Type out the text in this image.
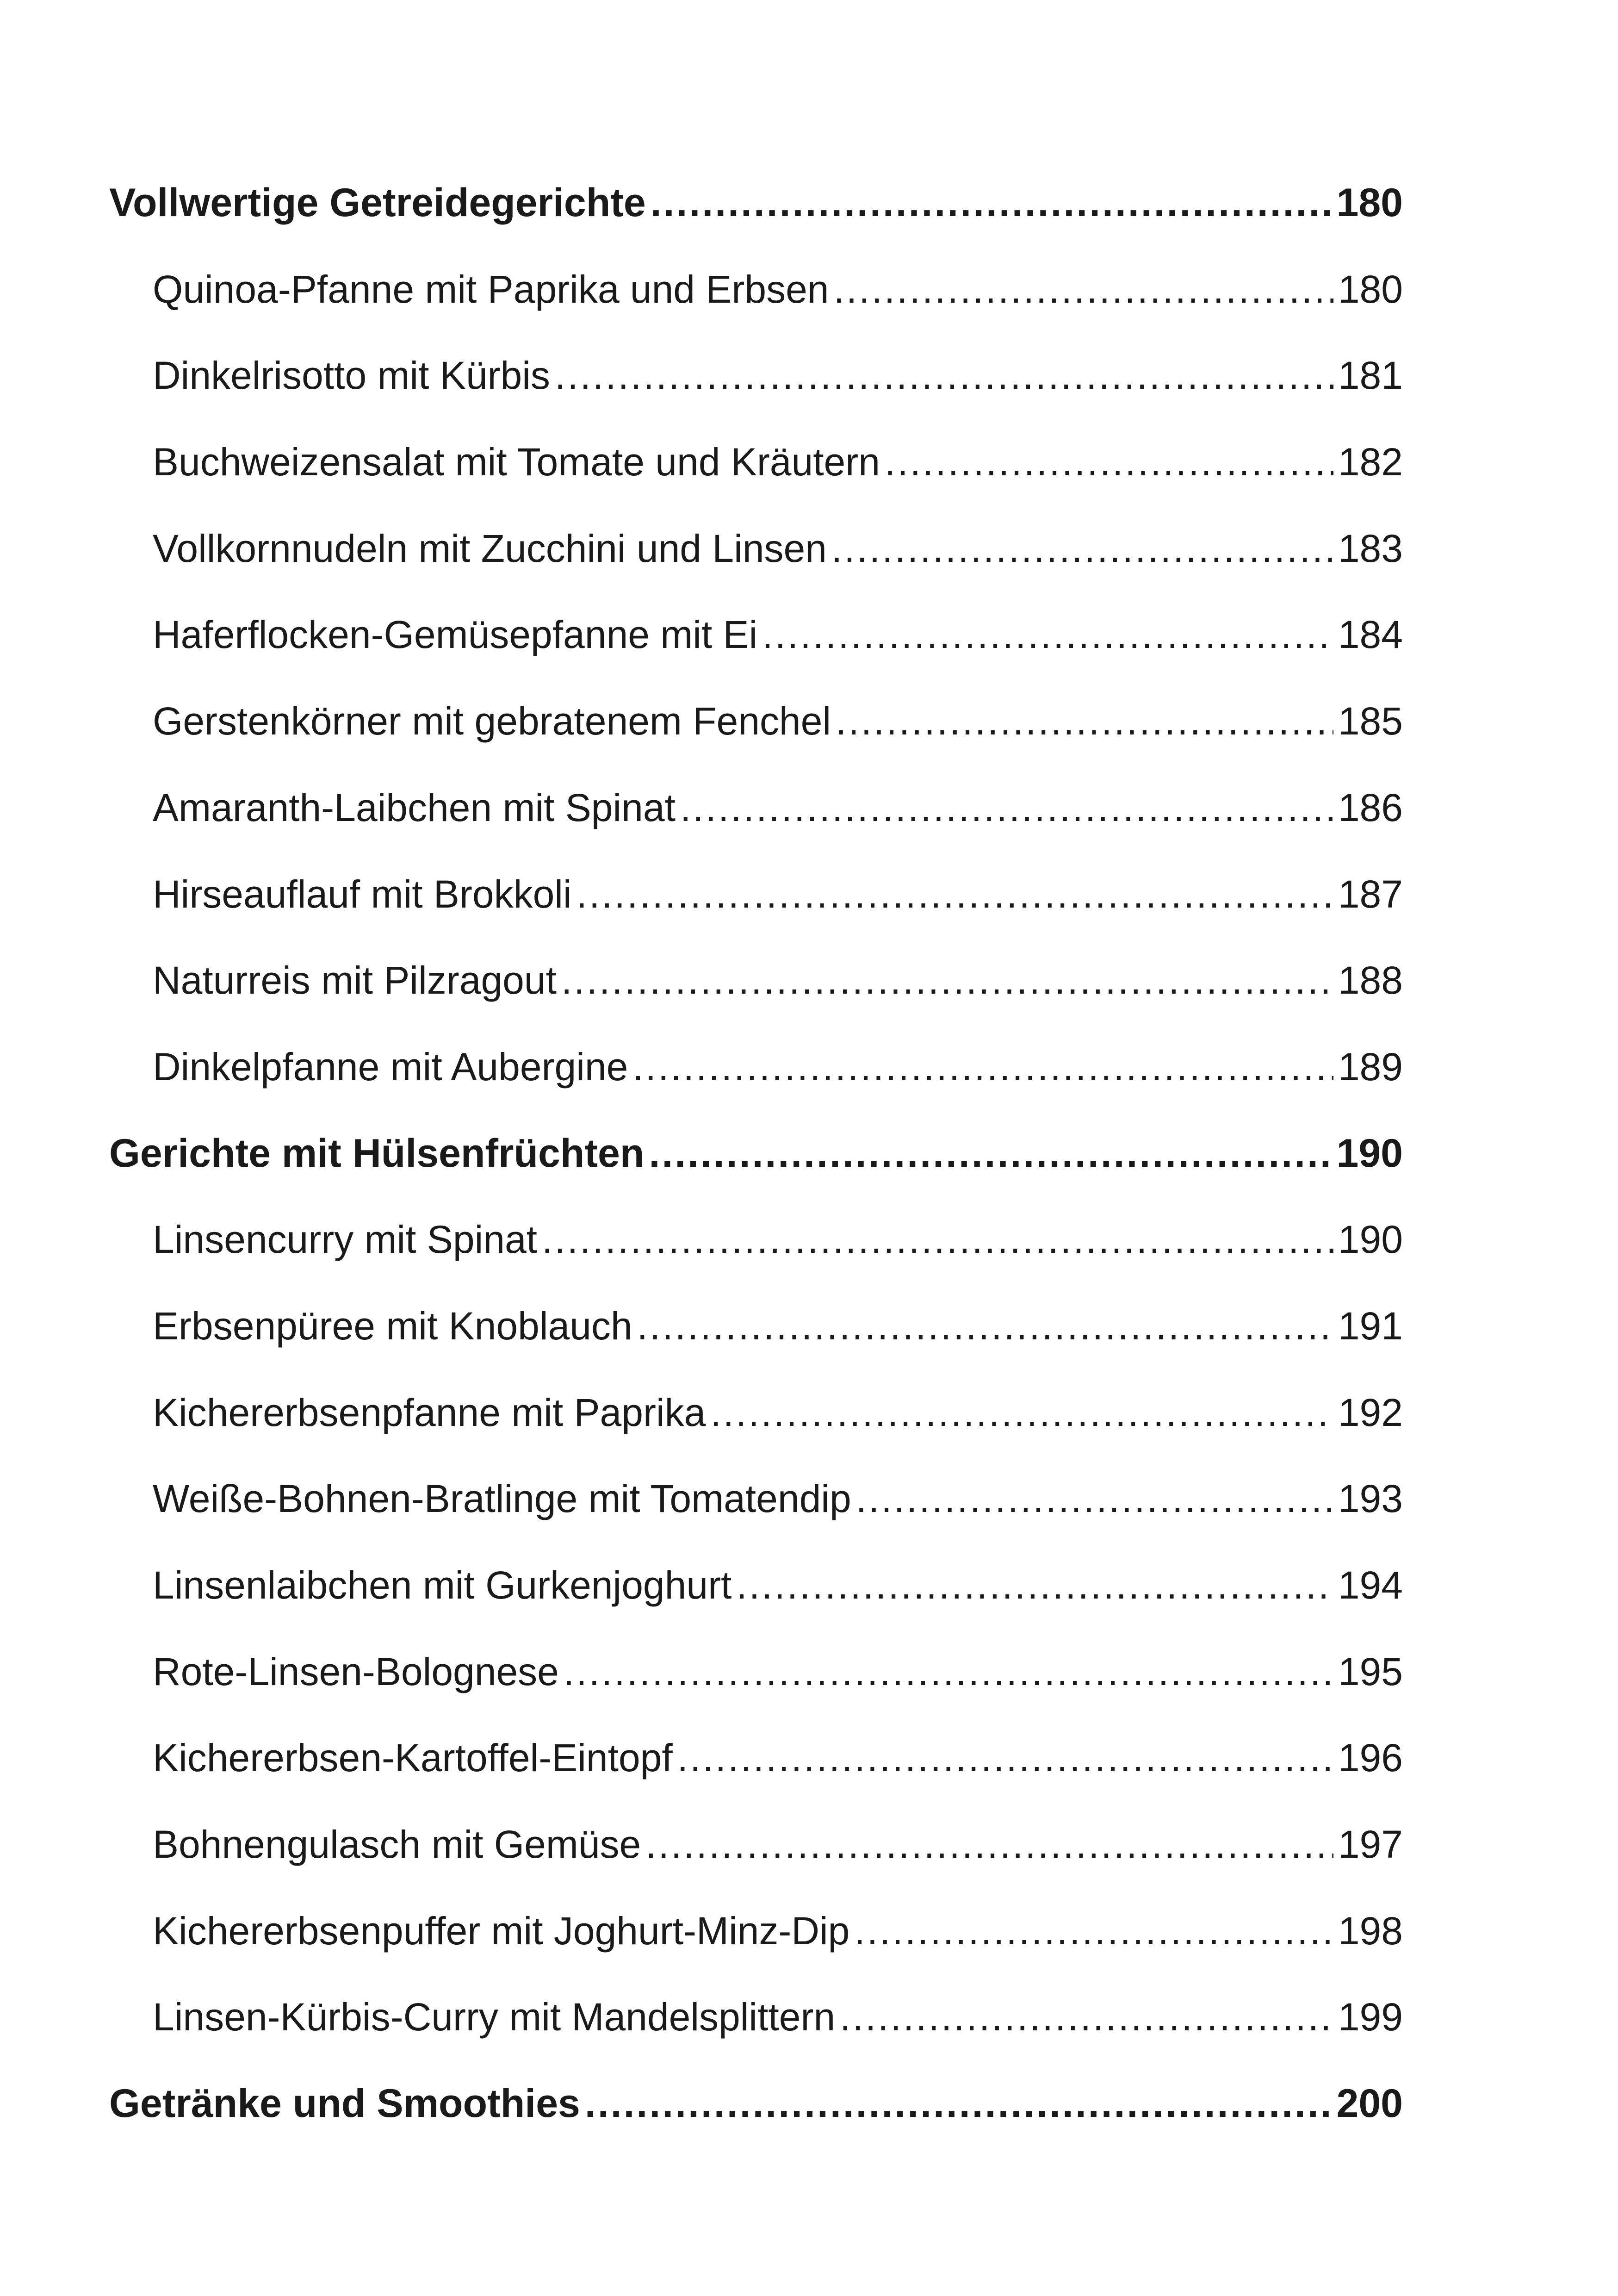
Vollwertige Getreidegerichte .....	180
Quinoa-Pfanne mit Paprika und Erbsen .....	180
Dinkelrisotto mit Kürbis .....	181
Buchweizensalat mit Tomate und Kräutern .....	182
Vollkornnudeln mit Zucchini und Linsen .....	183
Haferflocken-Gemüsepfanne mit Ei .....	184
Gerstenkörner mit gebratenem Fenchel .....	185
Amaranth-Laibchen mit Spinat .....	186
Hirseauflauf mit Brokkoli .....	187
Naturreis mit Pilzragout .....	188
Dinkelpfanne mit Aubergine .....	189
Gerichte mit Hülsenfrüchten .....	190
Linsencurry mit Spinat .....	190
Erbsenpüree mit Knoblauch .....	191
Kichererbsenpfanne mit Paprika .....	192
Weiße-Bohnen-Bratlinge mit Tomatendip .....	193
Linsenlaibchen mit Gurkenjoghurt .....	194
Rote-Linsen-Bolognese .....	195
Kichererbsen-Kartoffel-Eintopf .....	196
Bohnengulasch mit Gemüse .....	197
Kichererbsenpuffer mit Joghurt-Minz-Dip .....	198
Linsen-Kürbis-Curry mit Mandelsplittern .....	199
Getränke und Smoothies .....	200
